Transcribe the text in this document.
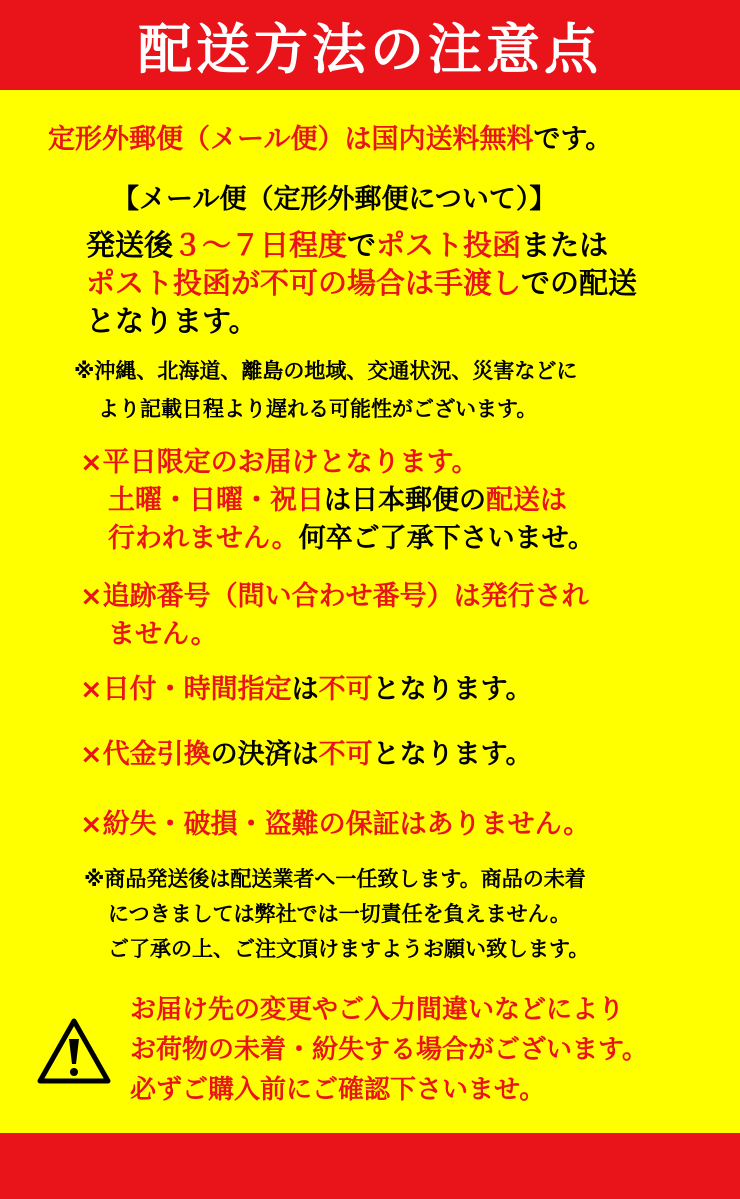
配送方法の注意点
定形外郵便（メール便）は国内送料無料です。
【メール便（定形外郵便について）】
発送後３～７日程度でポスト投函または
ポスト投函が不可の場合は手渡しでの配送
となります。
※沖縄、北海道、離島の地域、交通状況、災害などに
より記載日程より遅れる可能性がございます。
×平日限定のお届けとなります。
土曜・日曜・祝日は日本郵便の配送は
行われません。何卒ご了承下さいませ。
×追跡番号（問い合わせ番号）は発行され
ません。
×日付・時間指定は不可となります。
×代金引換の決済は不可となります。
×紛失・破損・盗難の保証はありません。
※商品発送後は配送業者へ一任致します。商品の未着
につきましては弊社では一切責任を負えません。
ご了承の上、ご注文頂けますようお願い致します。
お届け先の変更やご入力間違いなどにより
お荷物の未着・紛失する場合がございます。
必ずご購入前にご確認下さいませ。
